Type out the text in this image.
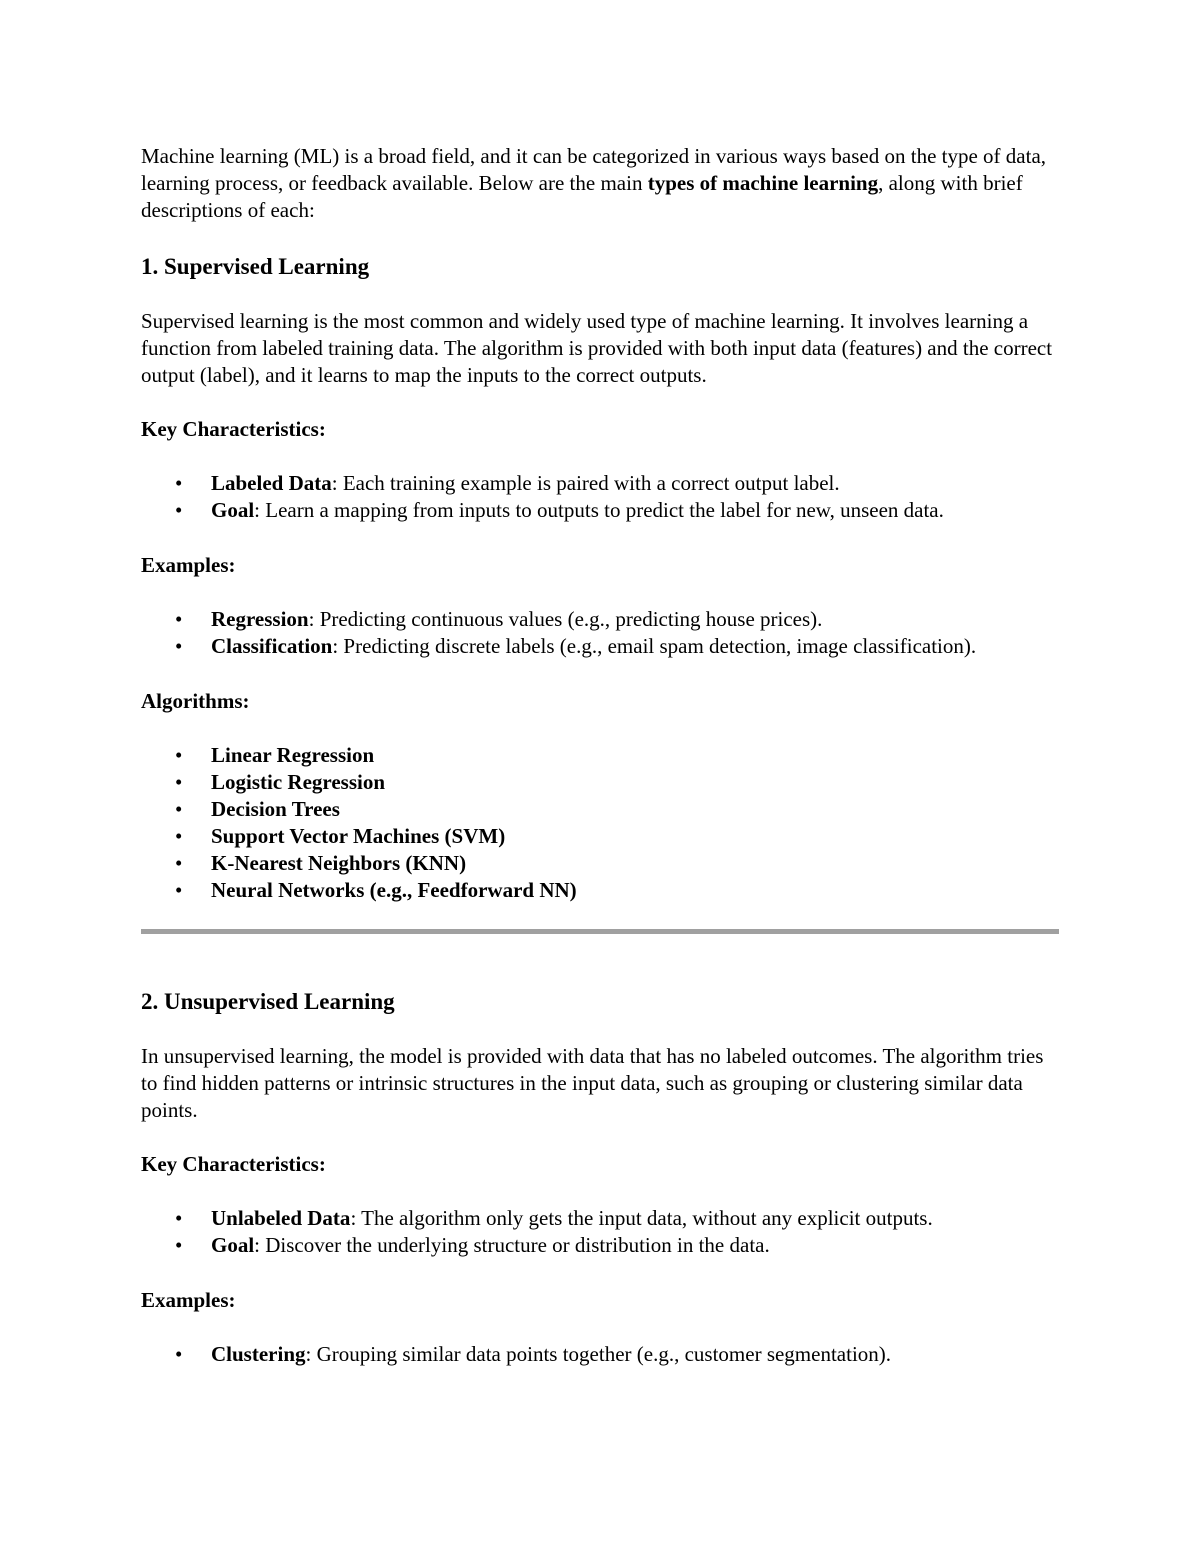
Machine learning (ML) is a broad field, and it can be categorized in various ways based on the type of data, learning process, or feedback available. Below are the main types of machine learning, along with brief descriptions of each:

1. Supervised Learning

Supervised learning is the most common and widely used type of machine learning. It involves learning a function from labeled training data. The algorithm is provided with both input data (features) and the correct output (label), and it learns to map the inputs to the correct outputs.

Key Characteristics:

• Labeled Data: Each training example is paired with a correct output label.
• Goal: Learn a mapping from inputs to outputs to predict the label for new, unseen data.

Examples:

• Regression: Predicting continuous values (e.g., predicting house prices).
• Classification: Predicting discrete labels (e.g., email spam detection, image classification).

Algorithms:

• Linear Regression
• Logistic Regression
• Decision Trees
• Support Vector Machines (SVM)
• K-Nearest Neighbors (KNN)
• Neural Networks (e.g., Feedforward NN)
2. Unsupervised Learning

In unsupervised learning, the model is provided with data that has no labeled outcomes. The algorithm tries to find hidden patterns or intrinsic structures in the input data, such as grouping or clustering similar data points.

Key Characteristics:

• Unlabeled Data: The algorithm only gets the input data, without any explicit outputs.
• Goal: Discover the underlying structure or distribution in the data.

Examples:

• Clustering: Grouping similar data points together (e.g., customer segmentation).
